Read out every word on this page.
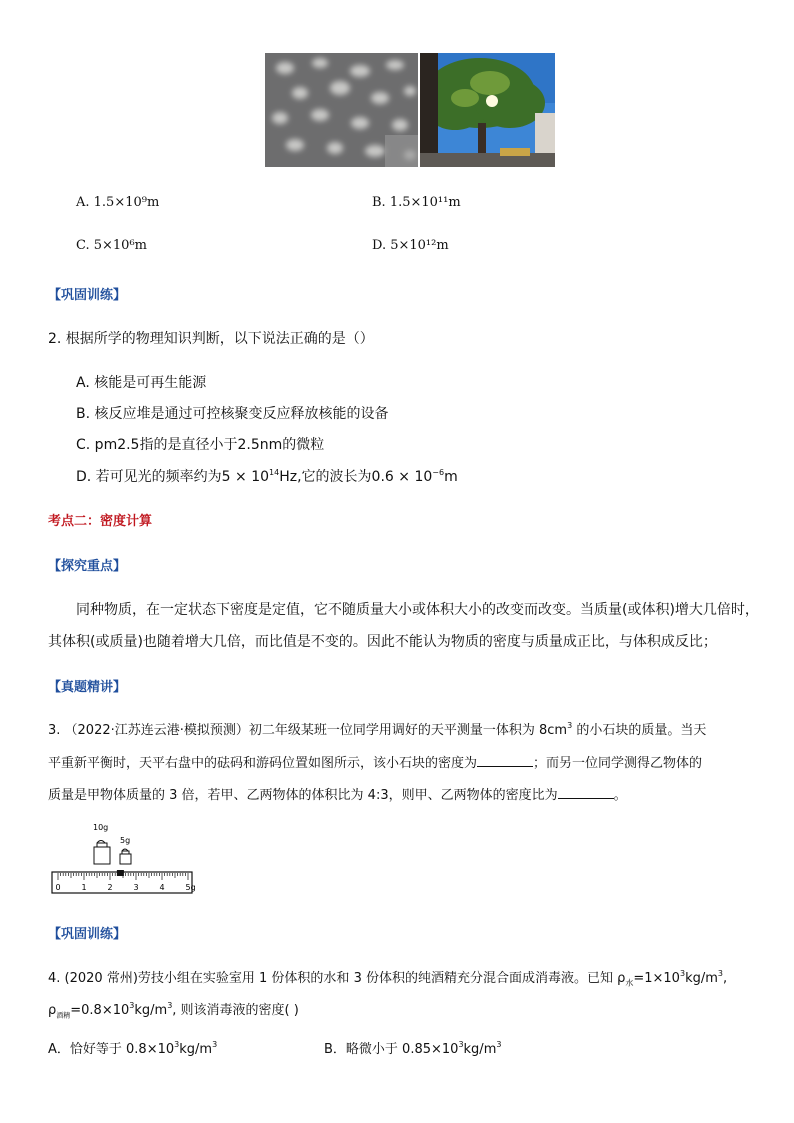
A. 1.5×10⁹m	B. 1.5×10¹¹m
C. 5×10⁶m	D. 5×10¹²m
【巩固训练】
2. 根据所学的物理知识判断，以下说法正确的是（）
A. 核能是可再生能源
B. 核反应堆是通过可控核聚变反应释放核能的设备
C. pm2.5指的是直径小于2.5nm的微粒
D. 若可见光的频率约为$5 \times 10^{14}Hz$,它的波长为$0.6 \times 10^{-6}m$
考点二：密度计算
【探究重点】
同种物质，在一定状态下密度是定值，它不随质量大小或体积大小的改变而改变。当质量(或体积)增大几倍时，
其体积(或质量)也随着增大几倍，而比值是不变的。因此不能认为物质的密度与质量成正比，与体积成反比；
【真题精讲】
3. （2022·江苏连云港·模拟预测）初二年级某班一位同学用调好的天平测量一体积为 $8cm^3$ 的小石块的质量。当天
平重新平衡时，天平右盘中的砝码和游码位置如图所示，该小石块的密度为	；而另一位同学测得乙物体的
质量是甲物体质量的 3 倍，若甲、乙两物体的体积比为 4:3，则甲、乙两物体的密度比为	。
10g
5g
0	1	2	3	4	5g
【巩固训练】
4. (2020 常州)劳技小组在实验室用 1 份体积的水和 3 份体积的纯酒精充分混合面成消毒液。已知 $\rho_水=1\times 10^3kg/m^3$,
$\rho_{酒精}=0.8\times 10^3kg/m^3$, 则该消毒液的密度( )
A．恰好等于 $0.8\times 10^3kg/m^3$	B．略微小于 $0.85\times 10^3kg/m^3$
